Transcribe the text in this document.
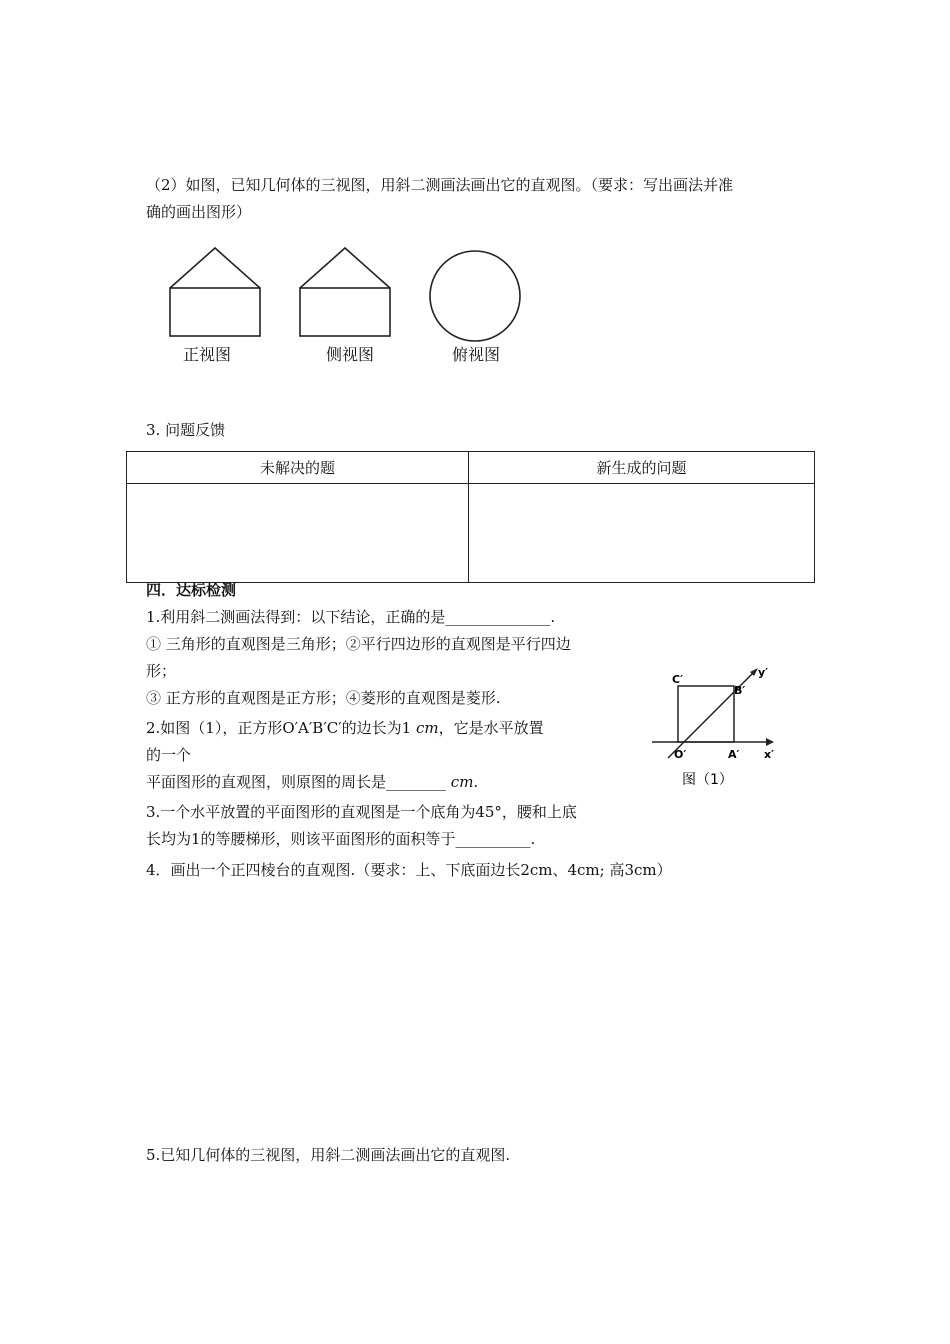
（2）如图，已知几何体的三视图，用斜二测画法画出它的直观图。（要求：写出画法并准
确的画出图形）
正视图	侧视图	俯视图
3. 问题反馈
未解决的题	新生成的问题

四．达标检测
1.利用斜二测画法得到：以下结论，正确的是______________.
① 三角形的直观图是三角形；②平行四边形的直观图是平行四边
形；
③ 正方形的直观图是正方形；④菱形的直观图是菱形.
2.如图（1），正方形O′A′B′C′的边长为1 cm，它是水平放置
的一个
平面图形的直观图，则原图的周长是________ cm.
3.一个水平放置的平面图形的直观图是一个底角为45°，腰和上底
长均为1的等腰梯形，则该平面图形的面积等于__________.
4．画出一个正四棱台的直观图.（要求：上、下底面边长2cm、4cm; 高3cm）
5.已知几何体的三视图，用斜二测画法画出它的直观图.
C′
B′
O′	A′ x′
y′
图（1）
